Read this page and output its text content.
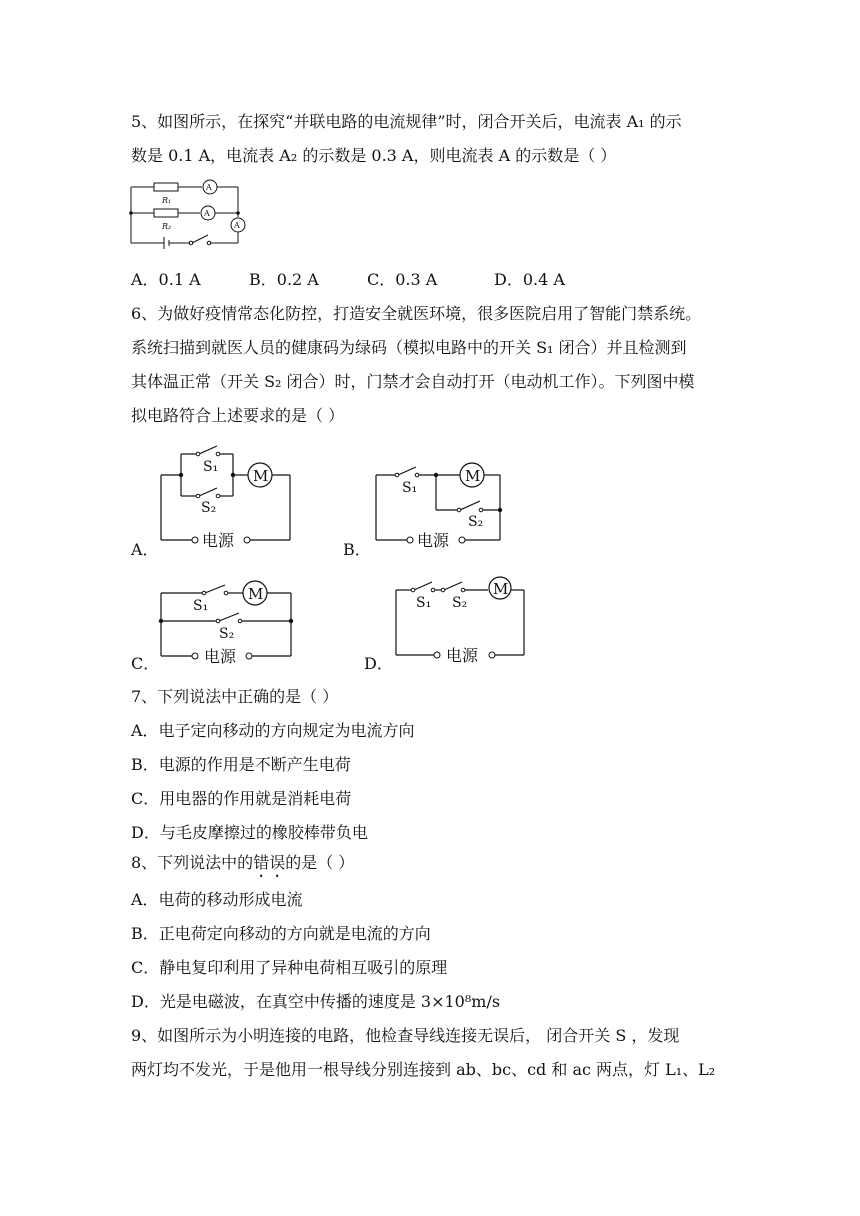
5、如图所示，在探究“并联电路的电流规律”时，闭合开关后，电流表 A₁ 的示
数是 0.1 A，电流表 A₂ 的示数是 0.3 A，则电流表 A 的示数是（ ）
R₁
R₂
A
A
A
A．0.1 A	B．0.2 A	C．0.3 A	D．0.4 A
6、为做好疫情常态化防控，打造安全就医环境，很多医院启用了智能门禁系统。
系统扫描到就医人员的健康码为绿码（模拟电路中的开关 S₁ 闭合）并且检测到
其体温正常（开关 S₂ 闭合）时，门禁才会自动打开（电动机工作）。下列图中模
拟电路符合上述要求的是（ ）
A．
S₁
S₂
M
电源	B．
S₁
S₂
M
电源
C．
S₁
S₂
M
电源	D．
S₁ S₂
M
电源
7、下列说法中正确的是（ ）
A．电子定向移动的方向规定为电流方向
B．电源的作用是不断产生电荷
C．用电器的作用就是消耗电荷
D．与毛皮摩擦过的橡胶棒带负电
8、下列说法中的错误的是（ ）
A．电荷的移动形成电流
B．正电荷定向移动的方向就是电流的方向
C．静电复印利用了异种电荷相互吸引的原理
D．光是电磁波，在真空中传播的速度是 3×10⁸m/s
9、如图所示为小明连接的电路，他检查导线连接无误后， 闭合开关 S ，发现
两灯均不发光，于是他用一根导线分别连接到 ab、bc、cd 和 ac 两点，灯 L₁、L₂
